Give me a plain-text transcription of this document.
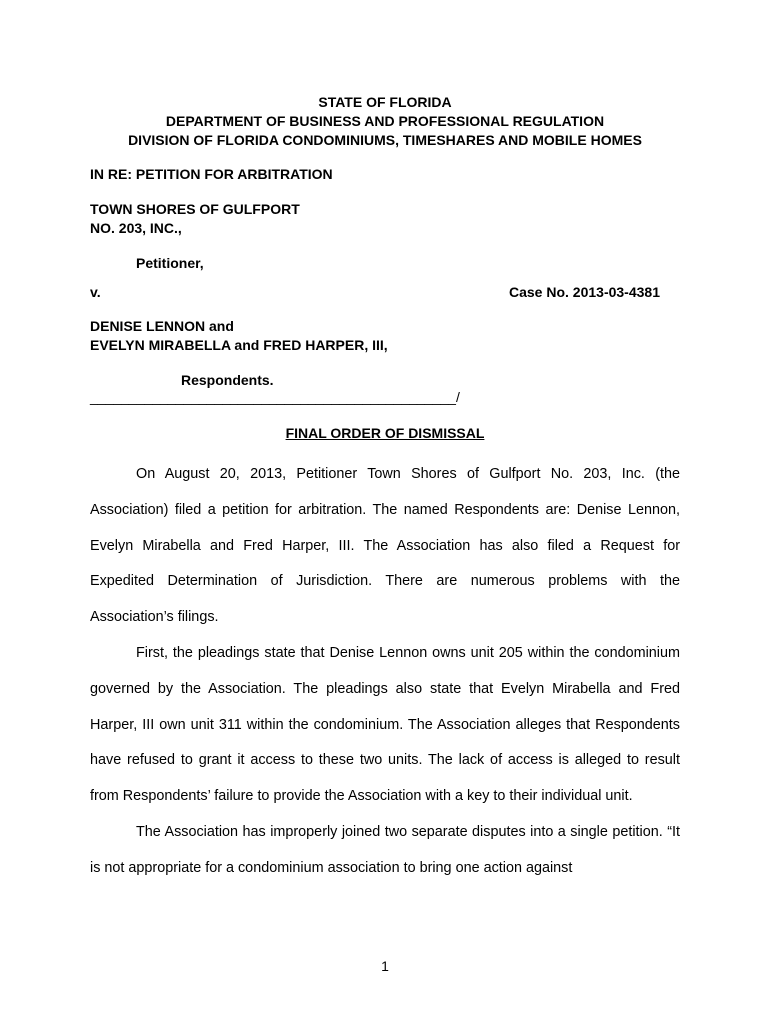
STATE OF FLORIDA
DEPARTMENT OF BUSINESS AND PROFESSIONAL REGULATION
DIVISION OF FLORIDA CONDOMINIUMS, TIMESHARES AND MOBILE HOMES
IN RE: PETITION FOR ARBITRATION
TOWN SHORES OF GULFPORT
NO. 203, INC.,
Petitioner,
v.	Case No. 2013-03-4381
DENISE LENNON and
EVELYN MIRABELLA and FRED HARPER, III,
Respondents.
_______________________________________________/
FINAL ORDER OF DISMISSAL

On August 20, 2013, Petitioner Town Shores of Gulfport No. 203, Inc. (the Association) filed a petition for arbitration. The named Respondents are: Denise Lennon, Evelyn Mirabella and Fred Harper, III. The Association has also filed a Request for Expedited Determination of Jurisdiction. There are numerous problems with the Association’s filings.

First, the pleadings state that Denise Lennon owns unit 205 within the condominium governed by the Association. The pleadings also state that Evelyn Mirabella and Fred Harper, III own unit 311 within the condominium. The Association alleges that Respondents have refused to grant it access to these two units. The lack of access is alleged to result from Respondents’ failure to provide the Association with a key to their individual unit.

The Association has improperly joined two separate disputes into a single petition. “It is not appropriate for a condominium association to bring one action against

1
